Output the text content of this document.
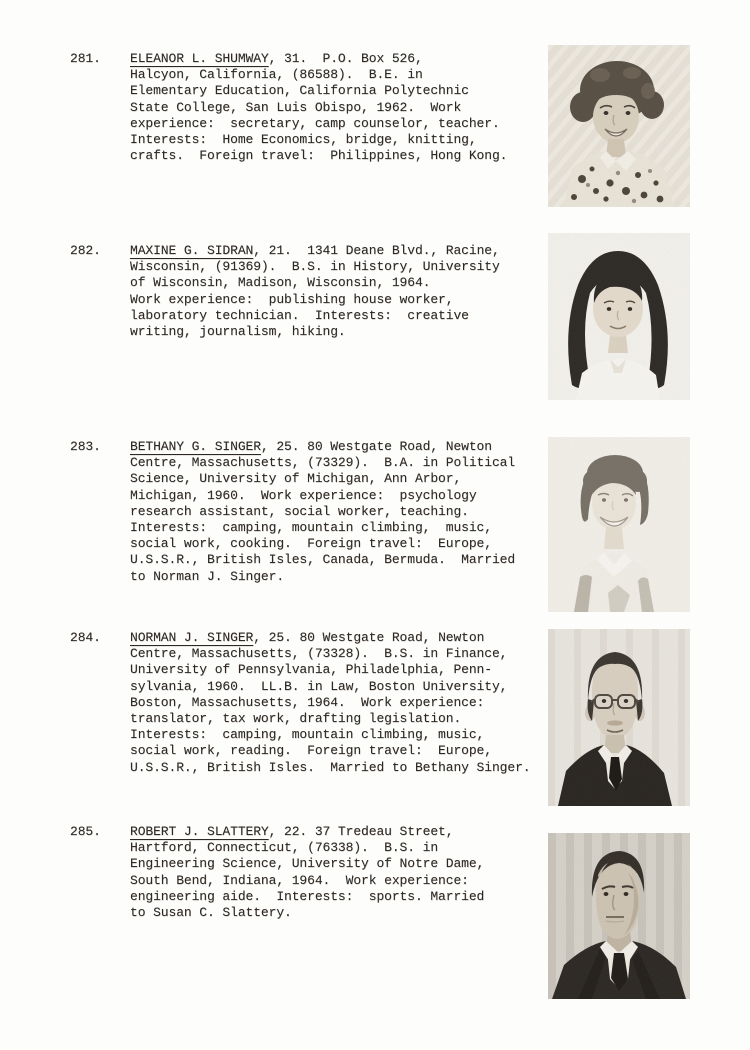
281. ELEANOR L. SHUMWAY, 31.  P.O. Box 526,
Halcyon, California, (86588).  B.E. in
Elementary Education, California Polytechnic
State College, San Luis Obispo, 1962.  Work
experience:  secretary, camp counselor, teacher.
Interests:  Home Economics, bridge, knitting,
crafts.  Foreign travel:  Philippines, Hong Kong.
282. MAXINE G. SIDRAN, 21.  1341 Deane Blvd., Racine,
Wisconsin, (91369).  B.S. in History, University
of Wisconsin, Madison, Wisconsin, 1964.
Work experience:  publishing house worker,
laboratory technician.  Interests:  creative
writing, journalism, hiking.
283. BETHANY G. SINGER, 25. 80 Westgate Road, Newton
Centre, Massachusetts, (73329).  B.A. in Political
Science, University of Michigan, Ann Arbor,
Michigan, 1960.  Work experience:  psychology
research assistant, social worker, teaching.
Interests:  camping, mountain climbing,  music,
social work, cooking.  Foreign travel:  Europe,
U.S.S.R., British Isles, Canada, Bermuda.  Married
to Norman J. Singer.
284. NORMAN J. SINGER, 25. 80 Westgate Road, Newton
Centre, Massachusetts, (73328).  B.S. in Finance,
University of Pennsylvania, Philadelphia, Penn-
sylvania, 1960.  LL.B. in Law, Boston University,
Boston, Massachusetts, 1964.  Work experience:
translator, tax work, drafting legislation.
Interests:  camping, mountain climbing, music,
social work, reading.  Foreign travel:  Europe,
U.S.S.R., British Isles.  Married to Bethany Singer.
285. ROBERT J. SLATTERY, 22. 37 Tredeau Street,
Hartford, Connecticut, (76338).  B.S. in
Engineering Science, University of Notre Dame,
South Bend, Indiana, 1964.  Work experience:
engineering aide.  Interests:  sports. Married
to Susan C. Slattery.
